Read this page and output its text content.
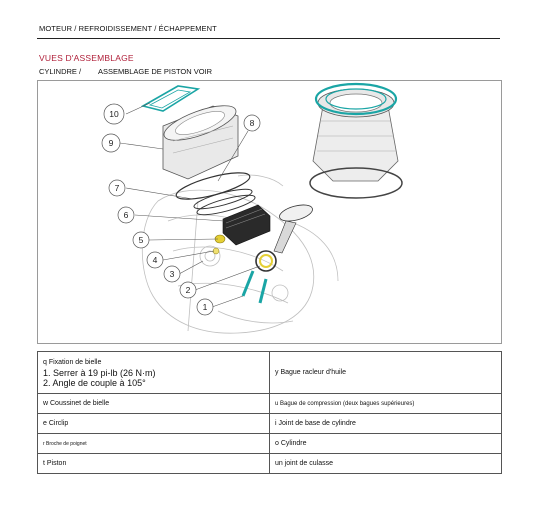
MOTEUR / REFROIDISSEMENT / ÉCHAPPEMENT
VUES D'ASSEMBLAGE
CYLINDRE / ASSEMBLAGE DE PISTON VOIR
1
2
3
4
5
6
7
8
9
10
q Fixation de bielle
1. Serrer à 19 pi-lb (26 N·m)
2. Angle de couple à 105°	y Bague racleur d'huile
w Coussinet de bielle	u Bague de compression (deux bagues supérieures)
e Circlip	i Joint de base de cylindre
r Broche de poignet	o Cylindre
t Piston	un joint de culasse
